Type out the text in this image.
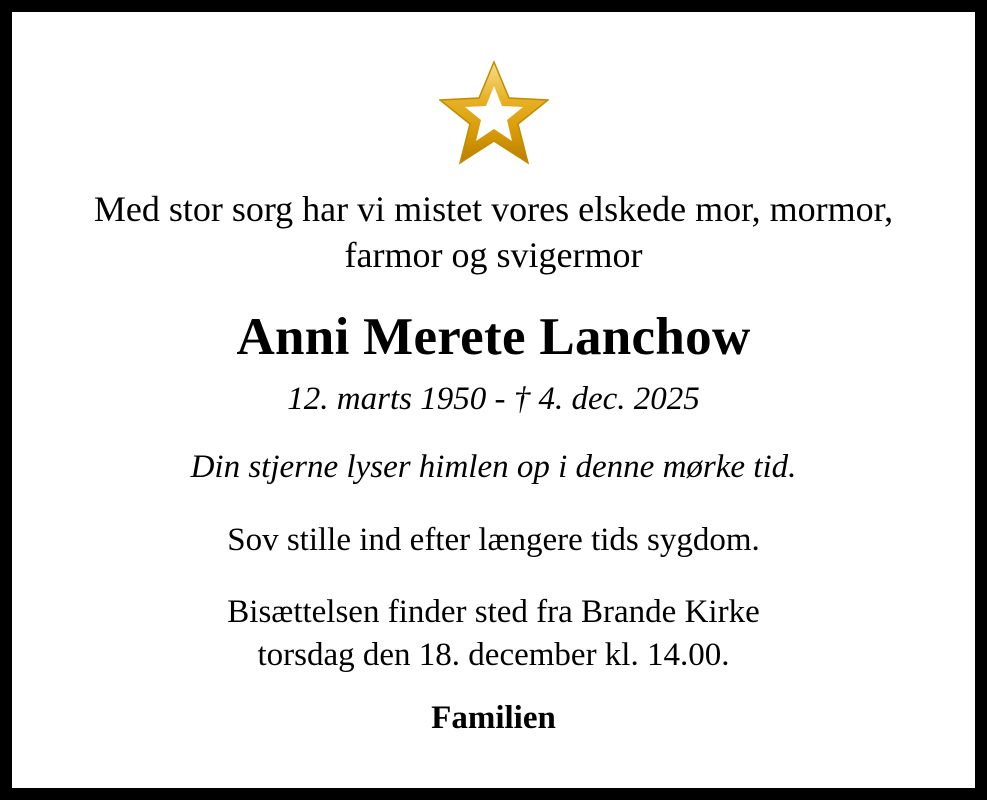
Med stor sorg har vi mistet vores elskede mor, mormor, farmor og svigermor

Anni Merete Lanchow

12. marts 1950 - † 4. dec. 2025

Din stjerne lyser himlen op i denne mørke tid.

Sov stille ind efter længere tids sygdom.

Bisættelsen finder sted fra Brande Kirke
torsdag den 18. december kl. 14.00.

Familien
